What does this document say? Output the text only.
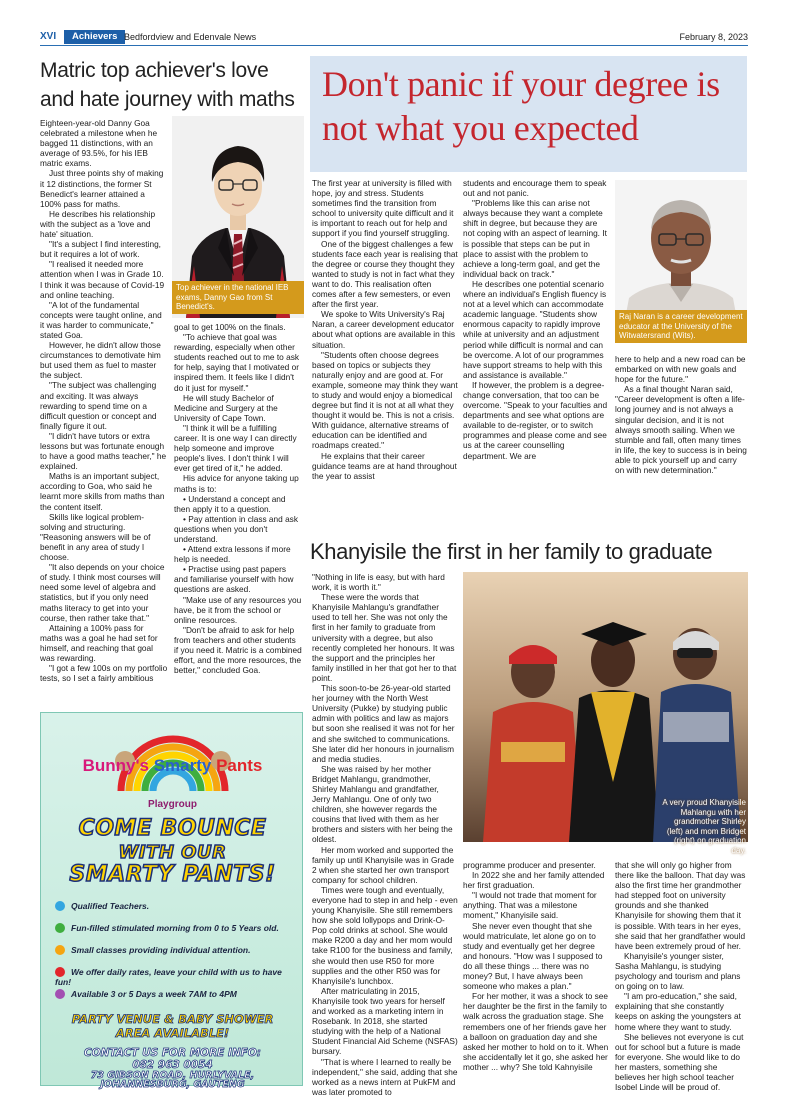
XVI	Achievers Bedfordview and Edenvale News	February 8, 2023
Matric top achiever's love and hate journey with maths
Top achiever in the national IEB exams, Danny Gao from St Benedict's.

Eighteen-year-old Danny Goa celebrated a milestone when he bagged 11 distinctions, with an average of 93.5%, for his IEB matric exams.

Just three points shy of making it 12 distinctions, the former St Benedict's learner attained a 100% pass for maths.

He describes his relationship with the subject as a 'love and hate' situation.

"It's a subject I find interesting, but it requires a lot of work.

"I realised it needed more attention when I was in Grade 10. I think it was because of Covid-19 and online teaching.

"A lot of the fundamental concepts were taught online, and it was harder to communicate," stated Goa.

However, he didn't allow those circumstances to demotivate him but used them as fuel to master the subject.

"The subject was challenging and exciting. It was always rewarding to spend time on a difficult question or concept and finally figure it out.

"I didn't have tutors or extra lessons but was fortunate enough to have a good maths teacher," he explained.

Maths is an important subject, according to Goa, who said he learnt more skills from maths than the content itself.

Skills like logical problem-solving and structuring. "Reasoning answers will be of benefit in any area of study I choose.

"It also depends on your choice of study. I think most courses will need some level of algebra and statistics, but if you only need maths literacy to get into your course, then rather take that."

Attaining a 100% pass for maths was a goal he had set for himself, and reaching that goal was rewarding.

"I got a few 100s on my portfolio tests, so I set a fairly ambitious

goal to get 100% on the finals.

"To achieve that goal was rewarding, especially when other students reached out to me to ask for help, saying that I motivated or inspired them. It feels like I didn't do it just for myself."

He will study Bachelor of Medicine and Surgery at the University of Cape Town.

"I think it will be a fulfilling career. It is one way I can directly help someone and improve people's lives. I don't think I will ever get tired of it," he added.

His advice for anyone taking up maths is to:

• Understand a concept and then apply it to a question.

• Pay attention in class and ask questions when you don't understand.

• Attend extra lessons if more help is needed.

• Practise using past papers and familiarise yourself with how questions are asked.

"Make use of any resources you have, be it from the school or online resources.

"Don't be afraid to ask for help from teachers and other students if you need it. Matric is a combined effort, and the more resources, the better," concluded Goa.

Don't panic if your degree is not what you expected

The first year at university is filled with hope, joy and stress. Students sometimes find the transition from school to university quite difficult and it is important to reach out for help and support if you find yourself struggling.

One of the biggest challenges a few students face each year is realising that the degree or course they thought they wanted to study is not in fact what they want to do. This realisation often comes after a few semesters, or even after the first year.

We spoke to Wits University's Raj Naran, a career development educator about what options are available in this situation.

"Students often choose degrees based on topics or subjects they naturally enjoy and are good at. For example, someone may think they want to study and would enjoy a biomedical degree but find it is not at all what they thought it would be. This is not a crisis. With guidance, alternative streams of education can be identified and roadmaps created."

He explains that their career guidance teams are at hand throughout the year to assist

students and encourage them to speak out and not panic.

"Problems like this can arise not always because they want a complete shift in degree, but because they are not coping with an aspect of learning. It is possible that steps can be put in place to assist with the problem to achieve a long-term goal, and get the individual back on track."

He describes one potential scenario where an individual's English fluency is not at a level which can accommodate academic language. "Students show enormous capacity to rapidly improve while at university and an adjustment period while difficult is normal and can be overcome. A lot of our programmes have support streams to help with this and assistance is available."

If however, the problem is a degree-change conversation, that too can be overcome. "Speak to your faculties and departments and see what options are available to de-register, or to switch programmes and please come and see us at the career counselling department. We are

Raj Naran is a career development educator at the University of the Witwatersrand (Wits).

here to help and a new road can be embarked on with new goals and hope for the future."

As a final thought Naran said, "Career development is often a life-long journey and is not always a singular decision, and it is not always smooth sailing. When we stumble and fall, often many times in life, the key to success is in being able to pick yourself up and carry on with new determination."

Khanyisile the first in her family to graduate

"Nothing in life is easy, but with hard work, it is worth it."

These were the words that Khanyisile Mahlangu's grandfather used to tell her. She was not only the first in her family to graduate from university with a degree, but also recently completed her honours. It was the support and the principles her family instilled in her that got her to that point.

This soon-to-be 26-year-old started her journey with the North West University (Pukke) by studying public admin with politics and law as majors but soon she realised it was not for her and she switched to communications. She later did her honours in journalism and media studies.

She was raised by her mother Bridget Mahlangu, grandmother, Shirley Mahlangu and grandfather, Jerry Mahlangu. One of only two children, she however regards the cousins that lived with them as her brothers and sisters with her being the oldest.

Her mom worked and supported the family up until Khanyisile was in Grade 2 when she started her own transport company for school children.

Times were tough and eventually, everyone had to step in and help - even young Khanyisile. She still remembers how she sold lollypops and Drink-O-Pop cold drinks at school. She would make R200 a day and her mom would take R100 for the business and family, she would then use R50 for more supplies and the other R50 was for Khanyisile's lunchbox.

After matriculating in 2015, Khanyisile took two years for herself and worked as a marketing intern in Rosebank. In 2018, she started studying with the help of a National Student Financial Aid Scheme (NSFAS) bursary.

"That is where I learned to really be independent," she said, adding that she worked as a news intern at PukFM and was later promoted to

A very proud Khanyisile Mahlangu with her grandmother Shirley (left) and mom Bridget (right) on graduation day.

programme producer and presenter.

In 2022 she and her family attended her first graduation.

"I would not trade that moment for anything. That was a milestone moment," Khanyisile said.

She never even thought that she would matriculate, let alone go on to study and eventually get her degree and honours. "How was I supposed to do all these things ... there was no money? But, I have always been someone who makes a plan."

For her mother, it was a shock to see her daughter be the first in the family to walk across the graduation stage. She remembers one of her friends gave her a balloon on graduation day and she asked her mother to hold on to it. When she accidentally let it go, she asked her mother ... why? She told Kahnyisile

that she will only go higher from there like the balloon. That day was also the first time her grandmother had stepped foot on university grounds and she thanked Khanyisile for showing them that it is possible. With tears in her eyes, she said that her grandfather would have been extremely proud of her.

Khanyisile's younger sister, Sasha Mahlangu, is studying psychology and tourism and plans on going on to law.

"I am pro-education," she said, explaining that she constantly keeps on asking the youngsters at home where they want to study.

She believes not everyone is cut out for school but a future is made for everyone. She would like to do her masters, something she believes her high school teacher Isobel Linde will be proud of.

Bunny's Smarty Pants
Playgroup
COME BOUNCE
WITH OUR
SMARTY PANTS!
Qualified Teachers.
Fun-filled stimulated morning from 0 to 5 Years old.
Small classes providing individual attention.
We offer daily rates, leave your child with us to have fun!
Available 3 or 5 Days a week 7AM to 4PM
PARTY VENUE & BABY SHOWER
AREA AVAILABLE!
CONTACT US FOR MORE INFO:
082 963 0054
73 GIBSON ROAD, HURLYVALE,
JOHANNESBURG, GAUTENG
